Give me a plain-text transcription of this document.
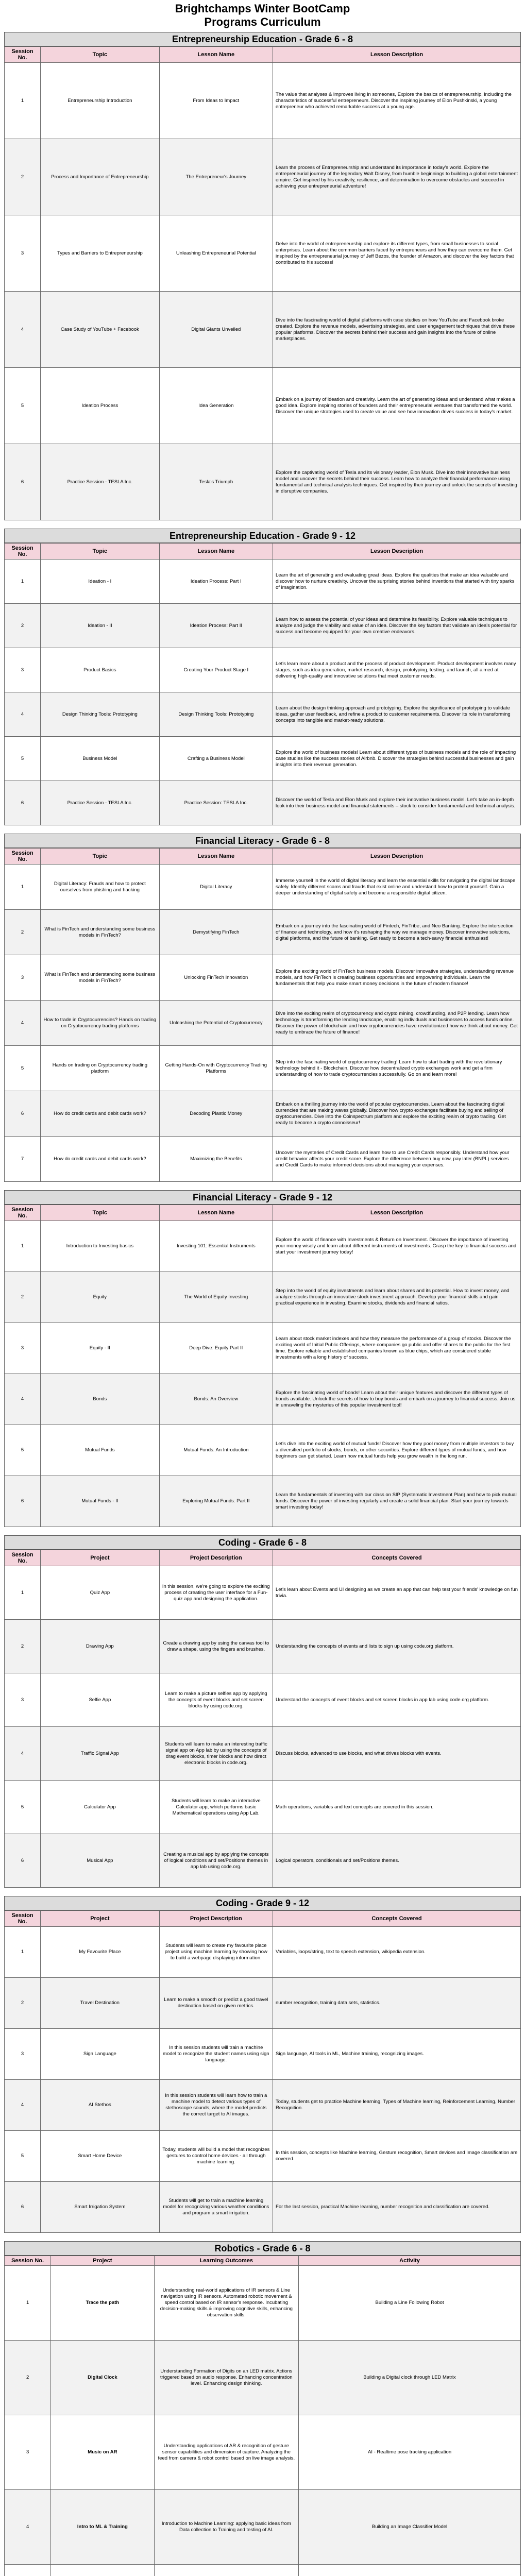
Brightchamps Winter BootCamp
Programs Curriculum
Entrepreneurship Education - Grade 6 - 8
Session No.	Topic	Lesson Name	Lesson Description
1	Entrepreneurship Introduction	From Ideas to Impact	The value that analyses & improves living in someones, Explore the basics of entrepreneurship, including the characteristics of successful entrepreneurs. Discover the inspiring journey of Elon Pushkinski, a young entrepreneur who achieved remarkable success at a young age.
2	Process and Importance of Entrepreneurship	The Entrepreneur's Journey	Learn the process of Entrepreneurship and understand its importance in today's world. Explore the entrepreneurial journey of the legendary Walt Disney, from humble beginnings to building a global entertainment empire. Get inspired by his creativity, resilience, and determination to overcome obstacles and succeed in achieving your entrepreneurial adventure!
3	Types and Barriers to Entrepreneurship	Unleashing Entrepreneurial Potential	Delve into the world of entrepreneurship and explore its different types, from small businesses to social enterprises. Learn about the common barriers faced by entrepreneurs and how they can overcome them. Get inspired by the entrepreneurial journey of Jeff Bezos, the founder of Amazon, and discover the key factors that contributed to his success!
4	Case Study of YouTube + Facebook	Digital Giants Unveiled	Dive into the fascinating world of digital platforms with case studies on how YouTube and Facebook broke created. Explore the revenue models, advertising strategies, and user engagement techniques that drive these popular platforms. Discover the secrets behind their success and gain insights into the future of online marketplaces.
5	Ideation Process	Idea Generation	Embark on a journey of ideation and creativity. Learn the art of generating ideas and understand what makes a good idea. Explore inspiring stories of founders and their entrepreneurial ventures that transformed the world. Discover the unique strategies used to create value and see how innovation drives success in today's market.
6	Practice Session - TESLA Inc.	Tesla's Triumph	Explore the captivating world of Tesla and its visionary leader, Elon Musk. Dive into their innovative business model and uncover the secrets behind their success. Learn how to analyze their financial performance using fundamental and technical analysis techniques. Get inspired by their journey and unlock the secrets of investing in disruptive companies.
Entrepreneurship Education - Grade 9 - 12
Session No.	Topic	Lesson Name	Lesson Description
1	Ideation - I	Ideation Process: Part I	Learn the art of generating and evaluating great ideas. Explore the qualities that make an idea valuable and discover how to nurture creativity. Uncover the surprising stories behind inventions that started with tiny sparks of imagination.
2	Ideation - II	Ideation Process: Part II	Learn how to assess the potential of your ideas and determine its feasibility. Explore valuable techniques to analyze and judge the viability and value of an idea. Discover the key factors that validate an idea's potential for success and become equipped for your own creative endeavors.
3	Product Basics	Creating Your Product Stage I	Let's learn more about a product and the process of product development. Product development involves many stages, such as idea generation, market research, design, prototyping, testing, and launch, all aimed at delivering high-quality and innovative solutions that meet customer needs.
4	Design Thinking Tools: Prototyping	Design Thinking Tools: Prototyping	Learn about the design thinking approach and prototyping. Explore the significance of prototyping to validate ideas, gather user feedback, and refine a product to customer requirements. Discover its role in transforming concepts into tangible and market-ready solutions.
5	Business Model	Crafting a Business Model	Explore the world of business models! Learn about different types of business models and the role of impacting case studies like the success stories of Airbnb. Discover the strategies behind successful businesses and gain insights into their revenue generation.
6	Practice Session - TESLA Inc.	Practice Session: TESLA Inc.	Discover the world of Tesla and Elon Musk and explore their innovative business model. Let's take an in-depth look into their business model and financial statements – stock to consider fundamental and technical analysis.
Financial Literacy - Grade 6 - 8
Session No.	Topic	Lesson Name	Lesson Description
1	Digital Literacy: Frauds and how to protect ourselves from phishing and hacking	Digital Literacy	Immerse yourself in the world of digital literacy and learn the essential skills for navigating the digital landscape safely. Identify different scams and frauds that exist online and understand how to protect yourself. Gain a deeper understanding of digital safety and become a responsible digital citizen.
2	What is FinTech and understanding some business models in FinTech?	Demystifying FinTech	Embark on a journey into the fascinating world of Fintech, FinTribe, and Neo Banking. Explore the intersection of finance and technology, and how it's reshaping the way we manage money. Discover innovative solutions, digital platforms, and the future of banking. Get ready to become a tech-savvy financial enthusiast!
3	What is FinTech and understanding some business models in FinTech?	Unlocking FinTech Innovation	Explore the exciting world of FinTech business models. Discover innovative strategies, understanding revenue models, and how FinTech is creating business opportunities and empowering individuals. Learn the fundamentals that help you make smart money decisions in the future of modern finance!
4	How to trade in Cryptocurrencies? Hands on trading on Cryptocurrency trading platforms	Unleashing the Potential of Cryptocurrency	Dive into the exciting realm of cryptocurrency and crypto mining, crowdfunding, and P2P lending. Learn how technology is transforming the lending landscape, enabling individuals and businesses to access funds online. Discover the power of blockchain and how cryptocurrencies have revolutionized how we think about money. Get ready to embrace the future of finance!
5	Hands on trading on Cryptocurrency trading platform	Getting Hands-On with Cryptocurrency Trading Platforms	Step into the fascinating world of cryptocurrency trading! Learn how to start trading with the revolutionary technology behind it - Blockchain. Discover how decentralized crypto exchanges work and get a firm understanding of how to trade cryptocurrencies successfully. Go on and learn more!
6	How do credit cards and debit cards work?	Decoding Plastic Money	Embark on a thrilling journey into the world of popular cryptocurrencies. Learn about the fascinating digital currencies that are making waves globally. Discover how crypto exchanges facilitate buying and selling of cryptocurrencies. Dive into the Coinspectrum platform and explore the exciting realm of crypto trading. Get ready to become a crypto connoisseur!
7	How do credit cards and debit cards work?	Maximizing the Benefits	Uncover the mysteries of Credit Cards and learn how to use Credit Cards responsibly. Understand how your credit behavior affects your credit score. Explore the difference between buy now, pay later (BNPL) services and Credit Cards to make informed decisions about managing your expenses.
Financial Literacy - Grade 9 - 12
Session No.	Topic	Lesson Name	Lesson Description
1	Introduction to Investing basics	Investing 101: Essential Instruments	Explore the world of finance with Investments & Return on Investment. Discover the importance of investing your money wisely and learn about different instruments of investments. Grasp the key to financial success and start your investment journey today!
2	Equity	The World of Equity Investing	Step into the world of equity investments and learn about shares and its potential. How to invest money, and analyze stocks through an innovative stock investment approach. Develop your financial skills and gain practical experience in investing. Examine stocks, dividends and financial ratios.
3	Equity - II	Deep Dive: Equity Part II	Learn about stock market indexes and how they measure the performance of a group of stocks. Discover the exciting world of Initial Public Offerings, where companies go public and offer shares to the public for the first time. Explore reliable and established companies known as blue chips, which are considered stable investments with a long history of success.
4	Bonds	Bonds: An Overview	Explore the fascinating world of bonds! Learn about their unique features and discover the different types of bonds available. Unlock the secrets of how to buy bonds and embark on a journey to financial success. Join us in unraveling the mysteries of this popular investment tool!
5	Mutual Funds	Mutual Funds: An Introduction	Let's dive into the exciting world of mutual funds! Discover how they pool money from multiple investors to buy a diversified portfolio of stocks, bonds, or other securities. Explore different types of mutual funds, and how beginners can get started. Learn how mutual funds help you grow wealth in the long run.
6	Mutual Funds - II	Exploring Mutual Funds: Part II	Learn the fundamentals of investing with our class on SIP (Systematic Investment Plan) and how to pick mutual funds. Discover the power of investing regularly and create a solid financial plan. Start your journey towards smart investing today!
Coding - Grade 6 - 8
Session No.	Project	Project Description	Concepts Covered
1	Quiz App	In this session, we're going to explore the exciting process of creating the user interface for a Fun-quiz app and designing the application.	Let's learn about Events and UI designing as we create an app that can help test your friends' knowledge on fun trivia.
2	Drawing App	Create a drawing app by using the canvas tool to draw a shape, using the fingers and brushes.	Understanding the concepts of events and lists to sign up using code.org platform.
3	Selfie App	Learn to make a picture selfies app by applying the concepts of event blocks and set screen blocks by using code.org.	Understand the concepts of event blocks and set screen blocks in app lab using code.org platform.
4	Traffic Signal App	Students will learn to make an interesting traffic signal app on App lab by using the concepts of drag event blocks, timer blocks and how direct electronic blocks in code.org.	Discuss blocks, advanced to use blocks, and what drives blocks with events.
5	Calculator App	Students will learn to make an interactive Calculator app, which performs basic Mathematical operations using App Lab.	Math operations, variables and text concepts are covered in this session.
6	Musical App	Creating a musical app by applying the concepts of logical conditions and set/Positions themes in app lab using code.org.	Logical operators, conditionals and set/Positions themes.
Coding - Grade 9 - 12
Session No.	Project	Project Description	Concepts Covered
1	My Favourite Place	Students will learn to create my favourite place project using machine learning by showing how to build a webpage displaying information.	Variables, loops/string, text to speech extension, wikipedia extension.
2	Travel Destination	Learn to make a smooth or predict a good travel destination based on given metrics.	number recognition, training data sets, statistics.
3	Sign Language	In this session students will train a machine model to recognize the student names using sign language.	Sign language, AI tools in ML, Machine training, recognizing images.
4	AI Stethos	In this session students will learn how to train a machine model to detect various types of stethoscope sounds, where the model predicts the correct target to AI images.	Today, students get to practice Machine learning, Types of Machine learning, Reinforcement Learning, Number Recognition.
5	Smart Home Device	Today, students will build a model that recognizes gestures to control home devices - all through machine learning.	In this session, concepts like Machine learning, Gesture recognition, Smart devices and Image classification are covered.
6	Smart Irrigation System	Students will get to train a machine learning model for recognizing various weather conditions and program a smart irrigation.	For the last session, practical Machine learning, number recognition and classification are covered.
Robotics - Grade 6 - 8
Session No.	Project	Learning Outcomes	Activity
1	Trace the path	Understanding real-world applications of IR sensors & Line navigation using IR sensors. Automated robotic movement & speed control based on IR sensor's response. Incubating decision-making skills & improving cognitive skills, enhancing observation skills.	Building a Line Following Robot
2	Digital Clock	Understanding Formation of Digits on an LED matrix. Actions triggered based on audio response. Enhancing concentration level. Enhancing design thinking.	Building a Digital clock through LED Matrix
3	Music on AR	Understanding applications of AR & recognition of gesture sensor capabilities and dimension of capture. Analyzing the feed from camera & robot control based on live image analysis.	AI - Realtime pose tracking application
4	Intro to ML & Training	Introduction to Machine Learning: applying basic ideas from Data collection to Training and testing of AI.	Building an Image Classifier Model
